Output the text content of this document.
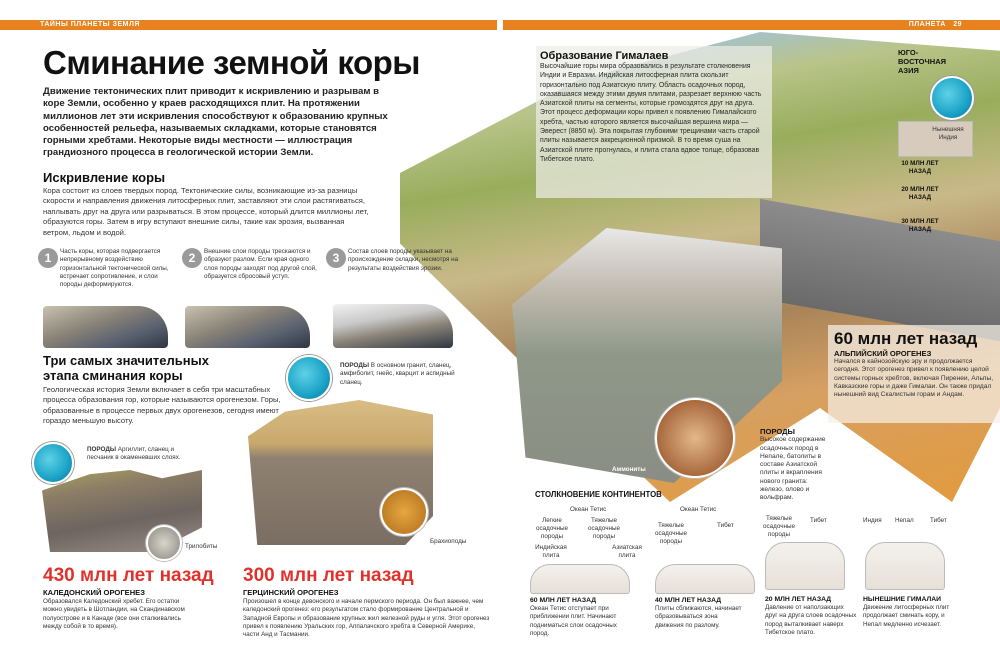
ТАЙНЫ ПЛАНЕТЫ ЗЕМЛЯ	ПЛАНЕТА 29
Сминание земной коры
Движение тектонических плит приводит к искривлению и разрывам в коре Земли, особенно у краев расходящихся плит. На протяжении миллионов лет эти искривления способствуют к образованию крупных особенностей рельефа, называемых складками, которые становятся горными хребтами. Некоторые виды местности — иллюстрация грандиозного процесса в геологической истории Земли.
Искривление коры
Кора состоит из слоев твердых пород. Тектонические силы, возникающие из-за разницы скорости и направления движения литосферных плит, заставляют эти слои растягиваться, наплывать друг на друга или разрываться. В этом процессе, который длится миллионы лет, образуются горы. Затем в игру вступают внешние силы, такие как эрозия, вызванная ветром, льдом и водой.
1	Часть коры, которая подвергается непрерывному воздействию горизонтальной тектонической силы, встречает сопротивление, и слои породы деформируются.
2	Внешние слои породы трескаются и образуют разлом. Если края одного слоя породы заходят под другой слой, образуется сбросовый уступ.
3	Состав слоев породы указывает на происхождение складки, несмотря на результаты воздействия эрозии.
Три самых значительных
этапа сминания коры
Геологическая история Земли включает в себя три масштабных процесса образования гор, которые называются орогенезом. Горы, образованные в процессе первых двух орогенезов, сегодня имеют гораздо меньшую высоту.
ПОРОДЫ Аргиллит, сланец и песчаник в окаменевших слоях.
Трилобиты
430 млн лет назад
КАЛЕДОНСКИЙ ОРОГЕНЕЗ
Образовался Каледонский хребет. Его остатки можно увидеть в Шотландии, на Скандинавском полуострове и в Канаде (все они сталкивались между собой в то время).
ПОРОДЫ В основном гранит, сланец, амфиболит, гнейс, кварцит и аспидный сланец.
Брахиоподы
300 млн лет назад
ГЕРЦИНСКИЙ ОРОГЕНЕЗ
Произошел в конце девонского и начале пермского периода. Он был важнее, чем каледонский орогенез: его результатом стало формирование Центральной и Западной Европы и образование крупных жил железной руды и угля. Этот орогенез привел к появлению Уральских гор, Аппалачского хребта в Северной Америке, части Анд и Тасмании.
Образование Гималаев
Высочайшие горы мира образовались в результате столкновения Индии и Евразии. Индийская литосферная плита скользит горизонтально под Азиатскую плиту. Область осадочных пород, оказавшаяся между этими двумя плитами, разрезает верхнюю часть Азиатской плиты на сегменты, которые громоздятся друг на друга. Этот процесс деформации коры привел к появлению Гималайского хребта, частью которого является высочайшая вершина мира — Эверест (8850 м). Эта покрытая глубокими трещинами часть старой плиты называется аккреционной призмой. В то время суша на Азиатской плите прогнулась, и плита стала вдвое толще, образовав Тибетское плато.
ЮГО-ВОСТОЧНАЯ АЗИЯ
Нынешняя Индия
10 МЛН ЛЕТ НАЗАД
20 МЛН ЛЕТ НАЗАД
30 МЛН ЛЕТ НАЗАД
Аммониты
60 млн лет назад
АЛЬПИЙСКИЙ ОРОГЕНЕЗ
Начался в кайнозойскую эру и продолжается сегодня. Этот орогенез привел к появлению целой системы горных хребтов, включая Пиренеи, Альпы, Кавказские горы и даже Гималаи. Он также придал нынешний вид Скалистым горам и Андам.
ПОРОДЫ
Высокое содержание осадочных пород в Непале, батолиты в составе Азиатской плиты и вкрапления нового гранита: железо, олово и вольфрам.
СТОЛКНОВЕНИЕ КОНТИНЕНТОВ
Океан Тетис
Легкие осадочные породы
Тяжелые осадочные породы
Индийская плита
Азиатская плита
60 МЛН ЛЕТ НАЗАД
Океан Тетис отступает при приближении плит. Начинают подниматься слои осадочных пород.
Океан Тетис
Тяжелые осадочные породы
Тибет
40 МЛН ЛЕТ НАЗАД
Плиты сближаются, начинает образовываться зона движения по разлому.
Тяжелые осадочные породы
Тибет
20 МЛН ЛЕТ НАЗАД
Давление от наползающих друг на друга слоев осадочных пород выталкивает наверх Тибетское плато.
Индия Непал	Тибет
НЫНЕШНИЕ ГИМАЛАИ
Движение литосферных плит продолжает сминать кору, и Непал медленно исчезает.
